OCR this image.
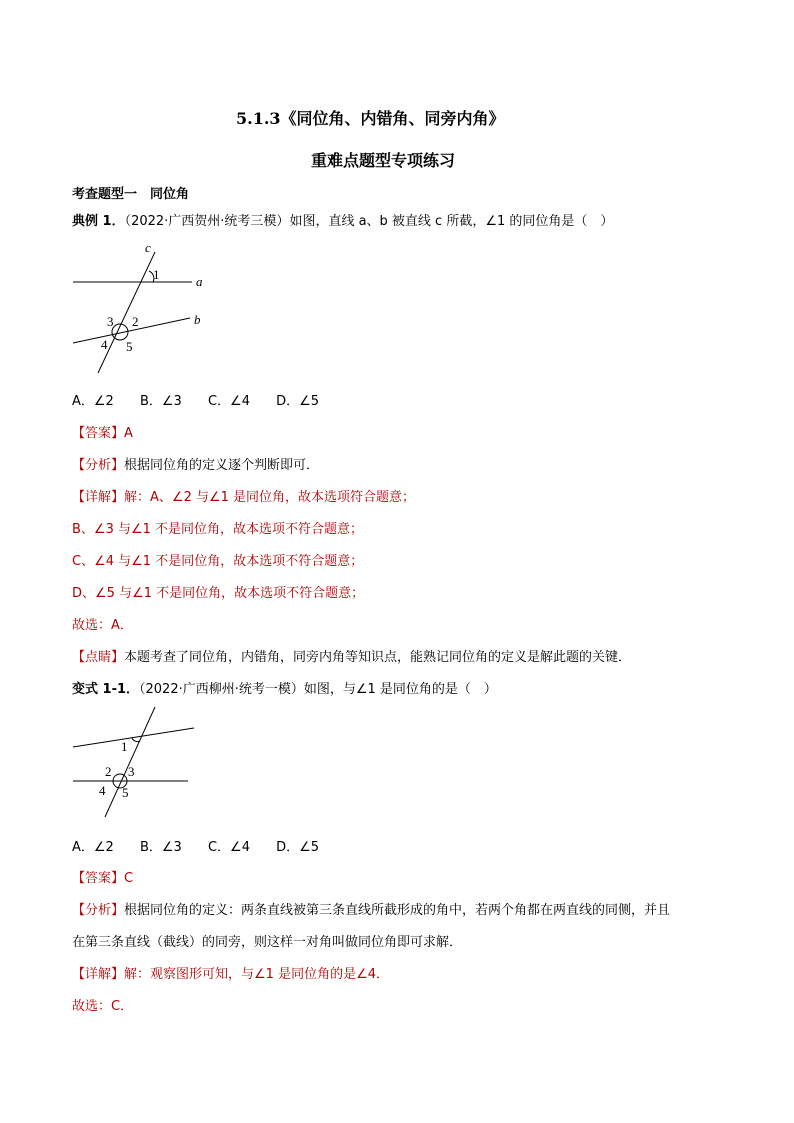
5.1.3《同位角、内错角、同旁内角》
重难点题型专项练习
考查题型一　同位角
典例 1．（2022·广西贺州·统考三模）如图，直线 a、b 被直线 c 所截，∠1 的同位角是（　）
c
a
b
1
2
3
4 5
A．∠2 B．∠3 C．∠4 D．∠5
【答案】A
【分析】根据同位角的定义逐个判断即可．
【详解】解：A、∠2 与∠1 是同位角，故本选项符合题意；
B、∠3 与∠1 不是同位角，故本选项不符合题意；
C、∠4 与∠1 不是同位角，故本选项不符合题意；
D、∠5 与∠1 不是同位角，故本选项不符合题意；
故选：A．
【点睛】本题考查了同位角，内错角，同旁内角等知识点，能熟记同位角的定义是解此题的关键．
变式 1-1．（2022·广西柳州·统考一模）如图，与∠1 是同位角的是（　）
1
2 3
4 5
A．∠2 B．∠3 C．∠4 D．∠5
【答案】C
【分析】根据同位角的定义：两条直线被第三条直线所截形成的角中，若两个角都在两直线的同侧，并且
在第三条直线（截线）的同旁，则这样一对角叫做同位角即可求解．
【详解】解：观察图形可知，与∠1 是同位角的是∠4．
故选：C．
